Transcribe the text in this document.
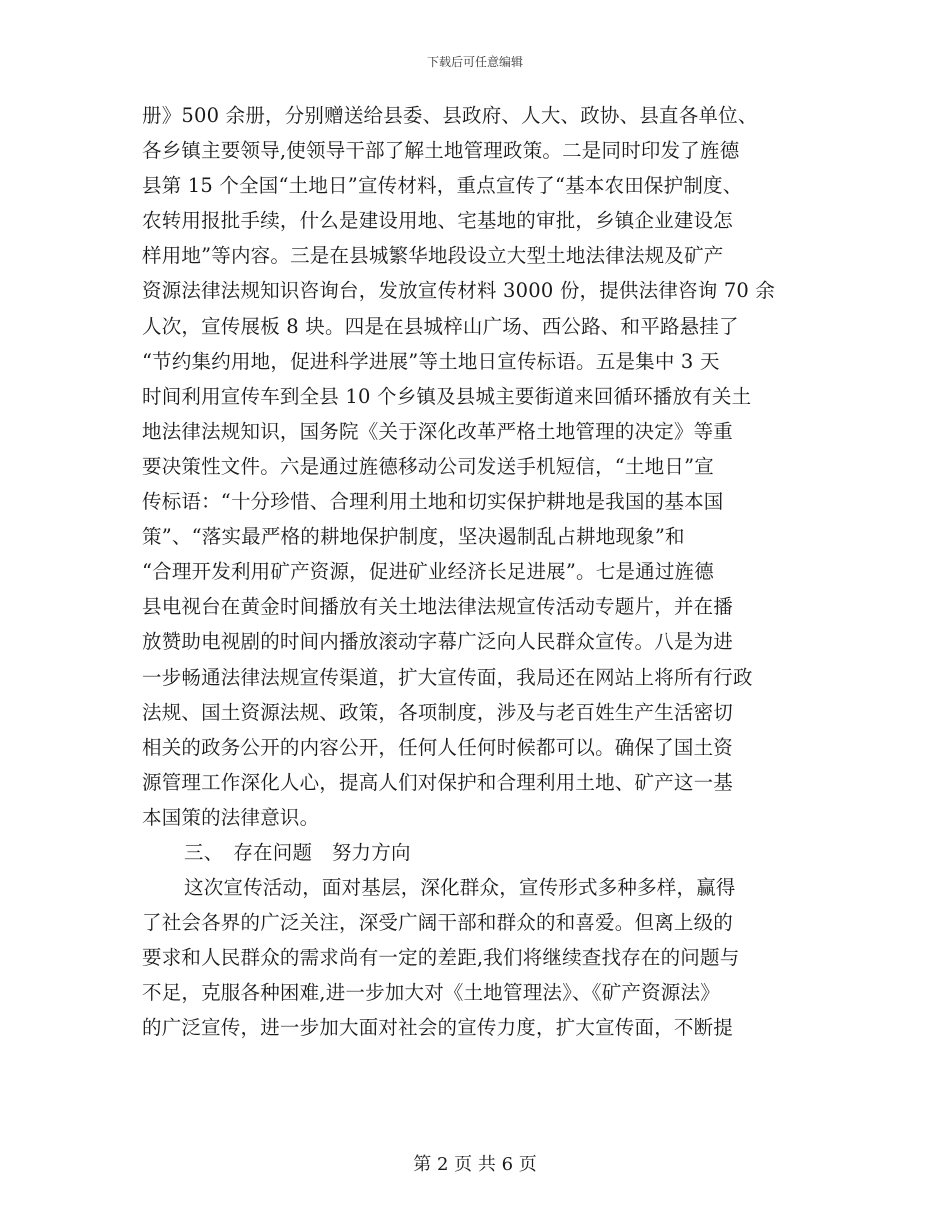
下载后可任意编辑
册》500 余册，分别赠送给县委、县政府、人大、政协、县直各单位、
各乡镇主要领导,使领导干部了解土地管理政策。二是同时印发了旌德
县第 15 个全国“土地日”宣传材料，重点宣传了“基本农田保护制度、
农转用报批手续，什么是建设用地、宅基地的审批，乡镇企业建设怎
样用地”等内容。三是在县城繁华地段设立大型土地法律法规及矿产
资源法律法规知识咨询台，发放宣传材料 3000 份，提供法律咨询 70 余
人次，宣传展板 8 块。四是在县城梓山广场、西公路、和平路悬挂了
“节约集约用地，促进科学进展”等土地日宣传标语。五是集中 3 天
时间利用宣传车到全县 10 个乡镇及县城主要街道来回循环播放有关土
地法律法规知识，国务院《关于深化改革严格土地管理的决定》等重
要决策性文件。六是通过旌德移动公司发送手机短信，“土地日”宣
传标语：“十分珍惜、合理利用土地和切实保护耕地是我国的基本国
策”、“落实最严格的耕地保护制度，坚决遏制乱占耕地现象”和
“合理开发利用矿产资源，促进矿业经济长足进展”。七是通过旌德
县电视台在黄金时间播放有关土地法律法规宣传活动专题片，并在播
放赞助电视剧的时间内播放滚动字幕广泛向人民群众宣传。八是为进
一步畅通法律法规宣传渠道，扩大宣传面，我局还在网站上将所有行政
法规、国土资源法规、政策，各项制度，涉及与老百姓生产生活密切
相关的政务公开的内容公开，任何人任何时候都可以。确保了国土资
源管理工作深化人心，提高人们对保护和合理利用土地、矿产这一基
本国策的法律意识。
三、　存在问题　努力方向
这次宣传活动，面对基层，深化群众，宣传形式多种多样，赢得
了社会各界的广泛关注，深受广阔干部和群众的和喜爱。但离上级的
要求和人民群众的需求尚有一定的差距,我们将继续查找存在的问题与
不足，克服各种困难,进一步加大对《土地管理法》、《矿产资源法》
的广泛宣传，进一步加大面对社会的宣传力度，扩大宣传面，不断提
第 2 页 共 6 页
